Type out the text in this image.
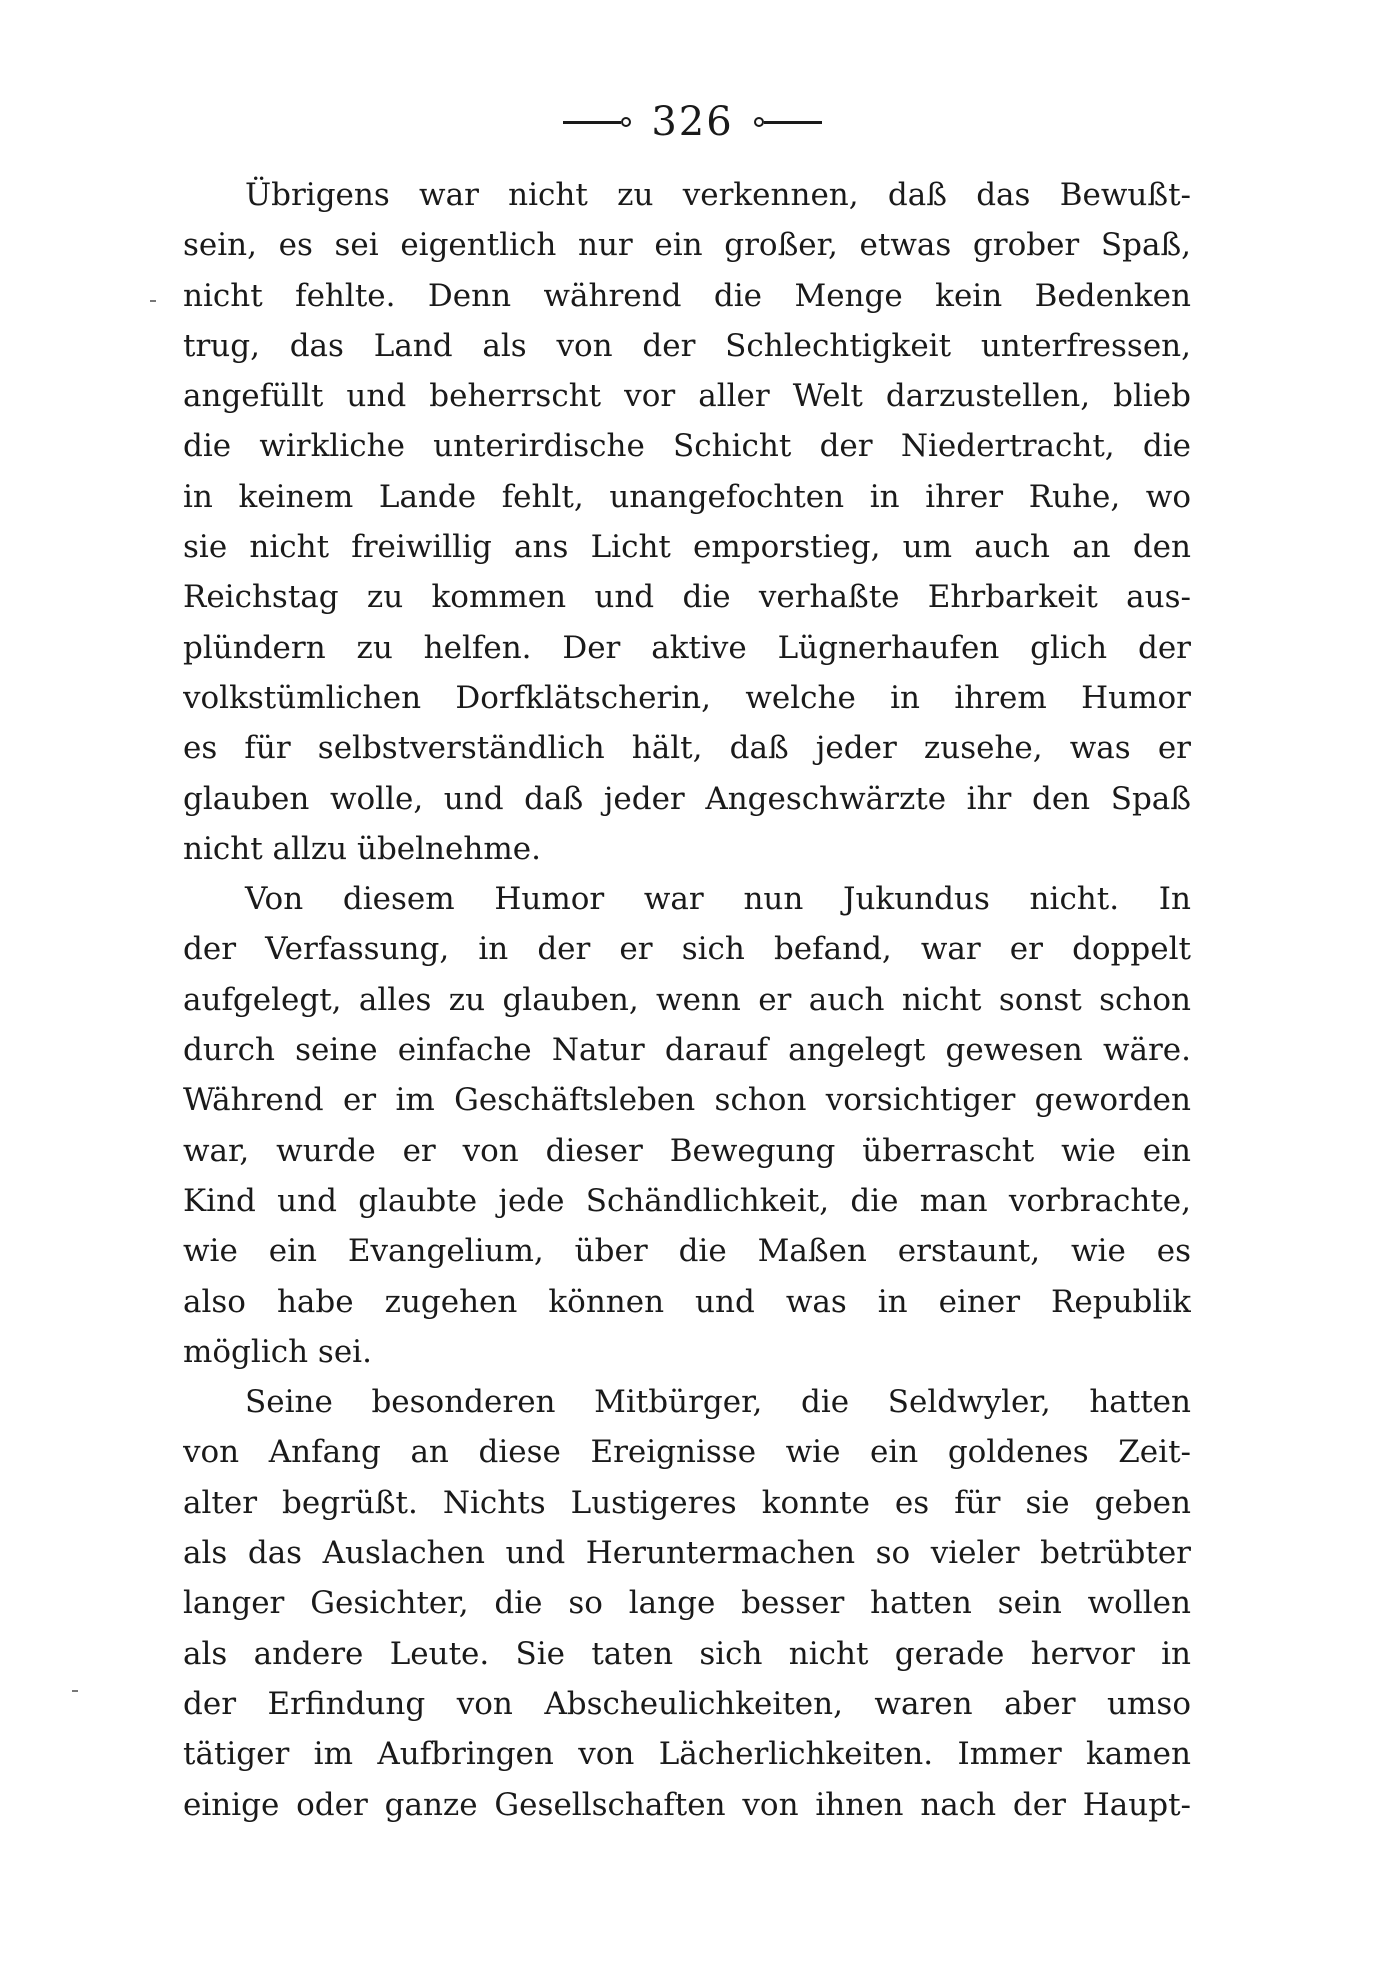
326
Übrigens war nicht zu verkennen, daß das Bewußt-
sein, es sei eigentlich nur ein großer, etwas grober Spaß,
nicht fehlte. Denn während die Menge kein Bedenken
trug, das Land als von der Schlechtigkeit unterfressen,
angefüllt und beherrscht vor aller Welt darzustellen, blieb
die wirkliche unterirdische Schicht der Niedertracht, die
in keinem Lande fehlt, unangefochten in ihrer Ruhe, wo
sie nicht freiwillig ans Licht emporstieg, um auch an den
Reichstag zu kommen und die verhaßte Ehrbarkeit aus-
plündern zu helfen. Der aktive Lügnerhaufen glich der
volkstümlichen Dorfklätscherin, welche in ihrem Humor
es für selbstverständlich hält, daß jeder zusehe, was er
glauben wolle, und daß jeder Angeschwärzte ihr den Spaß
nicht allzu übelnehme.
Von diesem Humor war nun Jukundus nicht. In
der Verfassung, in der er sich befand, war er doppelt
aufgelegt, alles zu glauben, wenn er auch nicht sonst schon
durch seine einfache Natur darauf angelegt gewesen wäre.
Während er im Geschäftsleben schon vorsichtiger geworden
war, wurde er von dieser Bewegung überrascht wie ein
Kind und glaubte jede Schändlichkeit, die man vorbrachte,
wie ein Evangelium, über die Maßen erstaunt, wie es
also habe zugehen können und was in einer Republik
möglich sei.
Seine besonderen Mitbürger, die Seldwyler, hatten
von Anfang an diese Ereignisse wie ein goldenes Zeit-
alter begrüßt. Nichts Lustigeres konnte es für sie geben
als das Auslachen und Heruntermachen so vieler betrübter
langer Gesichter, die so lange besser hatten sein wollen
als andere Leute. Sie taten sich nicht gerade hervor in
der Erfindung von Abscheulichkeiten, waren aber umso
tätiger im Aufbringen von Lächerlichkeiten. Immer kamen
einige oder ganze Gesellschaften von ihnen nach der Haupt-
